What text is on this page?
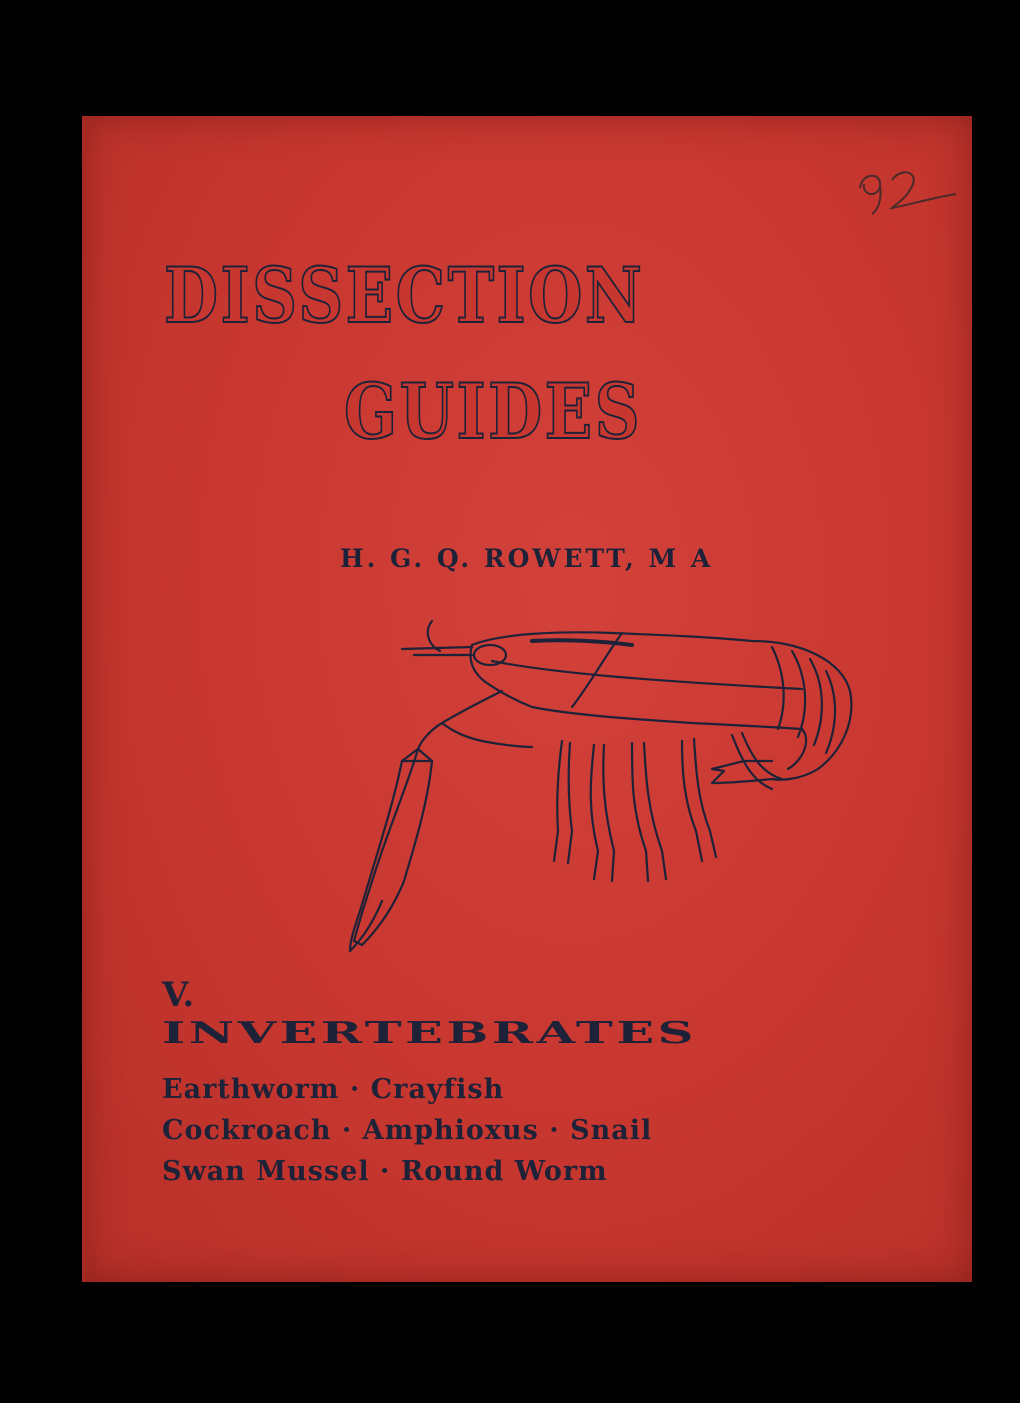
DISSECTION
GUIDES
H. G. Q. ROWETT, M A
V.
INVERTEBRATES
Earthworm · Crayfish
Cockroach · Amphioxus · Snail
Swan Mussel · Round Worm
